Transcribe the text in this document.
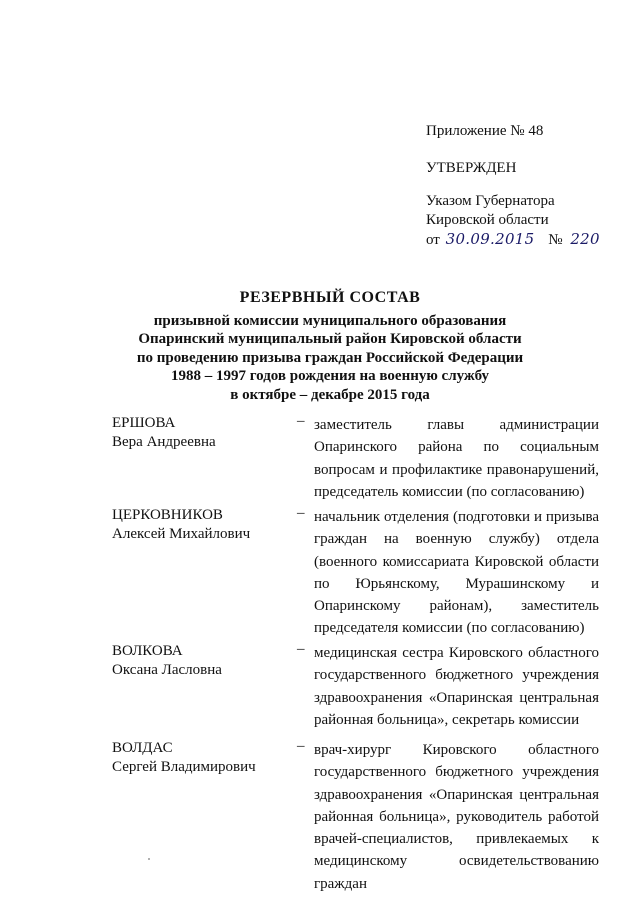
Приложение № 48
УТВЕРЖДЕН
Указом Губернатора
Кировской области
от 30.09.2015 № 220
РЕЗЕРВНЫЙ СОСТАВ
призывной комиссии муниципального образования
Опаринский муниципальный район Кировской области
по проведению призыва граждан Российской Федерации
1988 – 1997 годов рождения на военную службу
в октябре – декабре 2015 года
ЕРШОВА
Вера Андреевна
– заместитель главы администрации Опаринского района по социальным вопросам и профилактике правонарушений, председатель комиссии (по согласованию)
ЦЕРКОВНИКОВ
Алексей Михайлович
– начальник отделения (подготовки и призыва граждан на военную службу) отдела (военного комиссариата Кировской области по Юрьянскому, Мурашинскому и Опаринскому районам), заместитель председателя комиссии (по согласованию)
ВОЛКОВА
Оксана Ласловна
– медицинская сестра Кировского областного государственного бюджетного учреждения здравоохранения «Опаринская центральная районная больница», секретарь комиссии
ВОЛДАС
Сергей Владимирович
– врач-хирург Кировского областного государственного бюджетного учреждения здравоохранения «Опаринская центральная районная больница», руководитель работой врачей-специалистов, привлекаемых к медицинскому освидетельствованию граждан
